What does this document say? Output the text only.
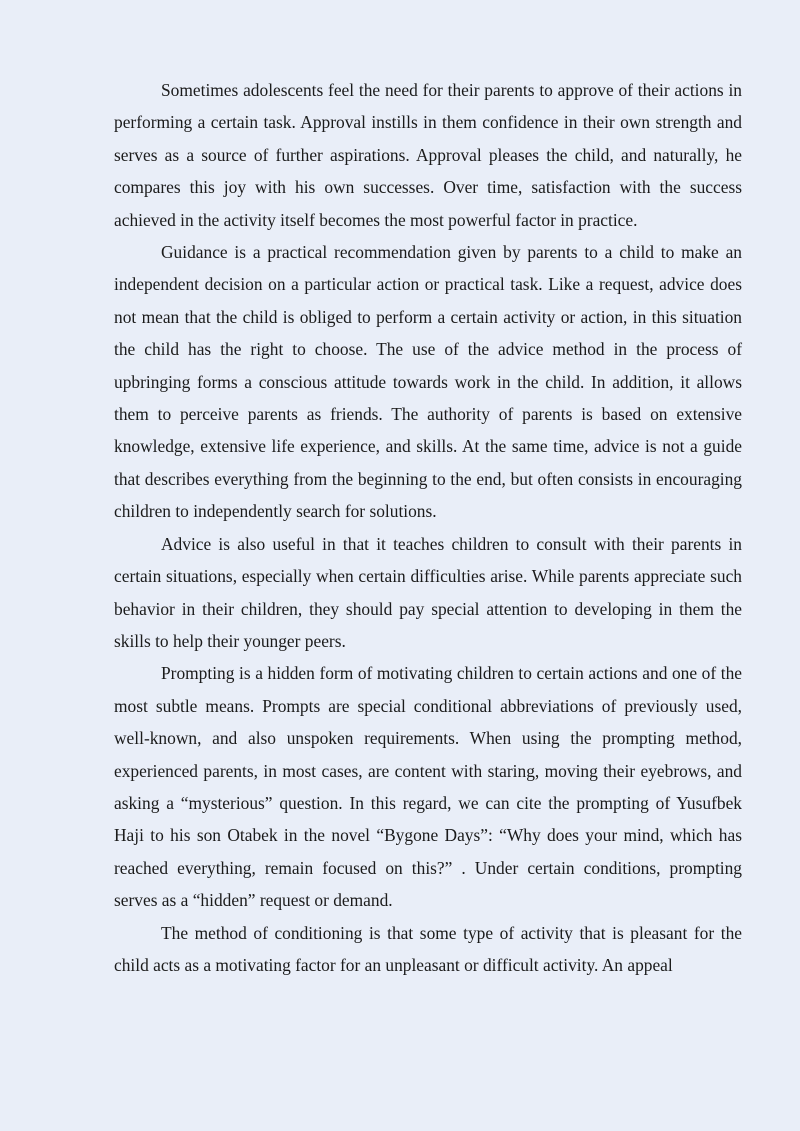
Sometimes adolescents feel the need for their parents to approve of their actions in performing a certain task. Approval instills in them confidence in their own strength and serves as a source of further aspirations. Approval pleases the child, and naturally, he compares this joy with his own successes. Over time, satisfaction with the success achieved in the activity itself becomes the most powerful factor in practice.

Guidance is a practical recommendation given by parents to a child to make an independent decision on a particular action or practical task. Like a request, advice does not mean that the child is obliged to perform a certain activity or action, in this situation the child has the right to choose. The use of the advice method in the process of upbringing forms a conscious attitude towards work in the child. In addition, it allows them to perceive parents as friends. The authority of parents is based on extensive knowledge, extensive life experience, and skills. At the same time, advice is not a guide that describes everything from the beginning to the end, but often consists in encouraging children to independently search for solutions.

Advice is also useful in that it teaches children to consult with their parents in certain situations, especially when certain difficulties arise. While parents appreciate such behavior in their children, they should pay special attention to developing in them the skills to help their younger peers.

Prompting is a hidden form of motivating children to certain actions and one of the most subtle means. Prompts are special conditional abbreviations of previously used, well-known, and also unspoken requirements. When using the prompting method, experienced parents, in most cases, are content with staring, moving their eyebrows, and asking a “mysterious” question. In this regard, we can cite the prompting of Yusufbek Haji to his son Otabek in the novel “Bygone Days”: “Why does your mind, which has reached everything, remain focused on this?” . Under certain conditions, prompting serves as a “hidden” request or demand.

The method of conditioning is that some type of activity that is pleasant for the child acts as a motivating factor for an unpleasant or difficult activity. An appeal
